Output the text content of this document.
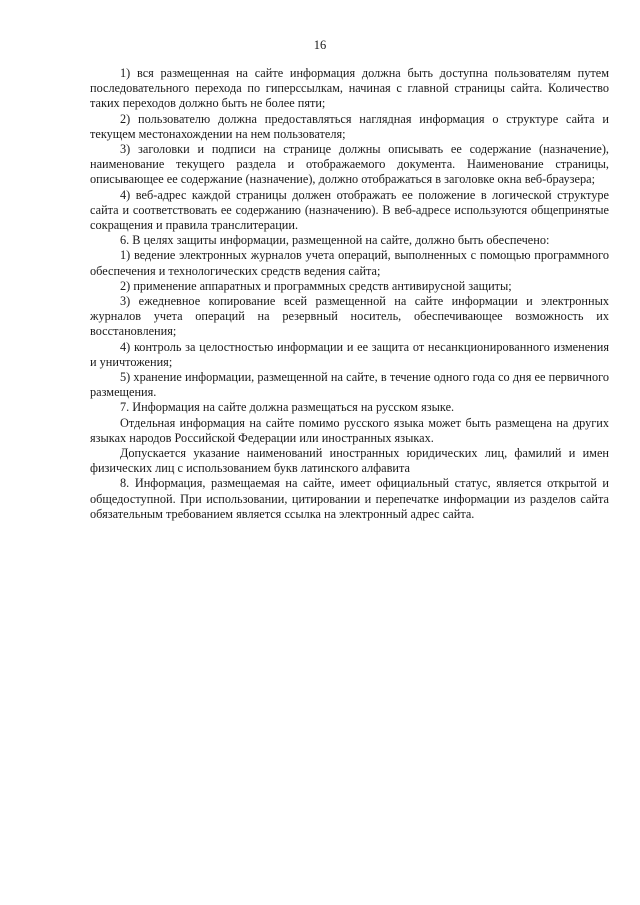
16

1) вся размещенная на сайте информация должна быть доступна пользователям путем последовательного перехода по гиперссылкам, начиная с главной страницы сайта. Количество таких переходов должно быть не более пяти;

2) пользователю должна предоставляться наглядная информация о структуре сайта и текущем местонахождении на нем пользователя;

3) заголовки и подписи на странице должны описывать ее содержание (назначение), наименование текущего раздела и отображаемого документа. Наименование страницы, описывающее ее содержание (назначение), должно отображаться в заголовке окна веб-браузера;

4) веб-адрес каждой страницы должен отображать ее положение в логической структуре сайта и соответствовать ее содержанию (назначению). В веб-адресе используются общепринятые сокращения и правила транслитерации.

6. В целях защиты информации, размещенной на сайте, должно быть обеспечено:

1) ведение электронных журналов учета операций, выполненных с помощью программного обеспечения и технологических средств ведения сайта;

2) применение аппаратных и программных средств антивирусной защиты;

3) ежедневное копирование всей размещенной на сайте информации и электронных журналов учета операций на резервный носитель, обеспечивающее возможность их восстановления;

4) контроль за целостностью информации и ее защита от несанкционированного изменения и уничтожения;

5) хранение информации, размещенной на сайте, в течение одного года со дня ее первичного размещения.

7. Информация на сайте должна размещаться на русском языке.

Отдельная информация на сайте помимо русского языка может быть размещена на других языках народов Российской Федерации или иностранных языках.

Допускается указание наименований иностранных юридических лиц, фамилий и имен физических лиц с использованием букв латинского алфавита

8. Информация, размещаемая на сайте, имеет официальный статус, является открытой и общедоступной. При использовании, цитировании и перепечатке информации из разделов сайта обязательным требованием является ссылка на электронный адрес сайта.
